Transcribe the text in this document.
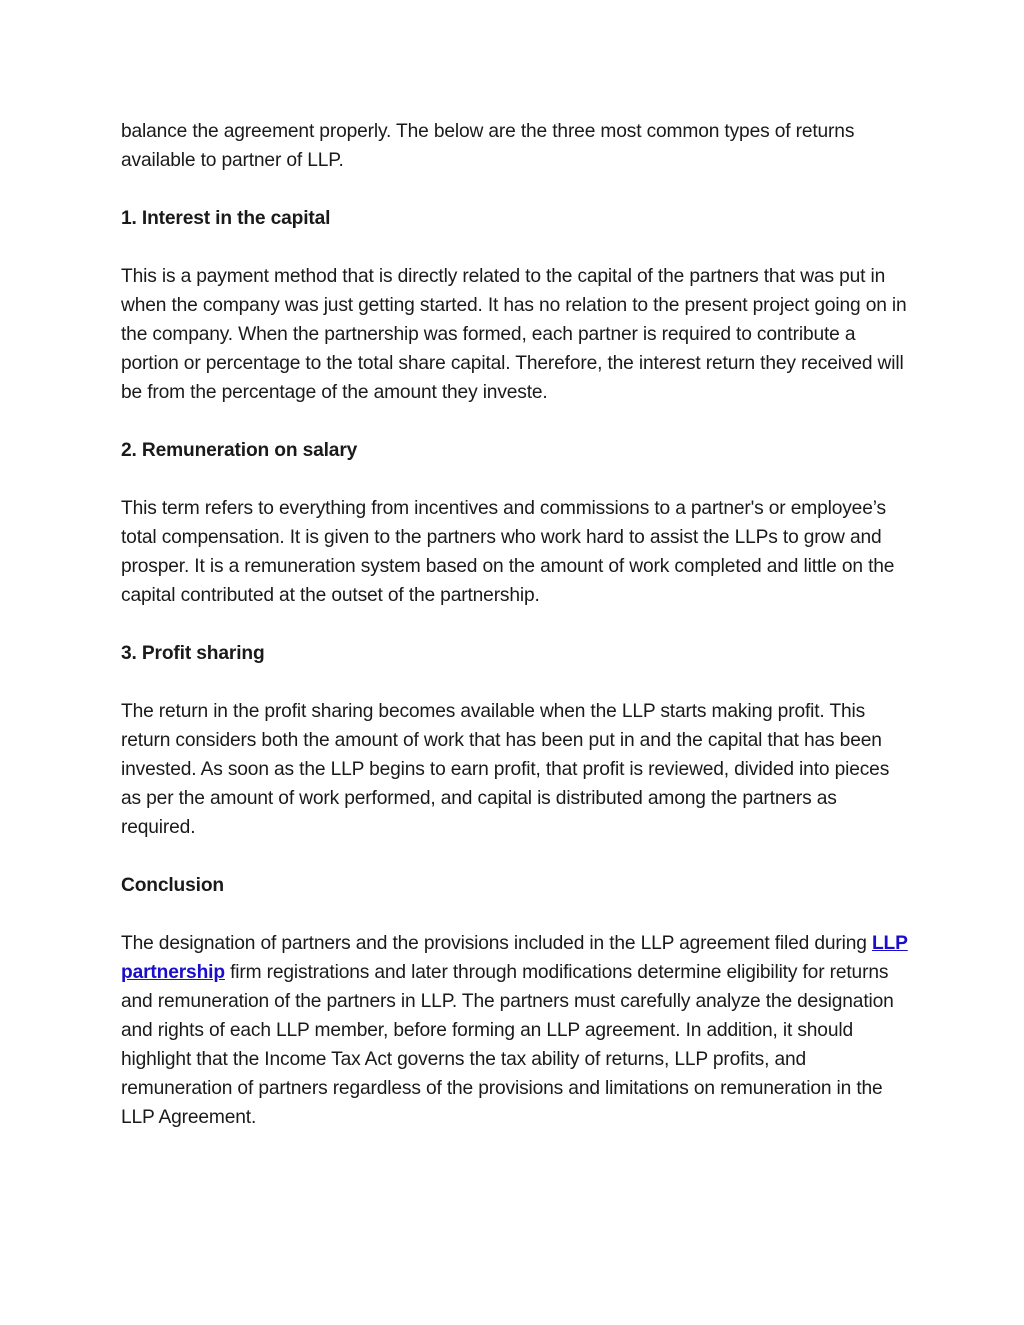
balance the agreement properly. The below are the three most common types of returns available to partner of LLP.

1. Interest in the capital

This is a payment method that is directly related to the capital of the partners that was put in when the company was just getting started. It has no relation to the present project going on in the company. When the partnership was formed, each partner is required to contribute a portion or percentage to the total share capital. Therefore, the interest return they received will be from the percentage of the amount they investe.

2. Remuneration on salary

This term refers to everything from incentives and commissions to a partner's or employee’s total compensation. It is given to the partners who work hard to assist the LLPs to grow and prosper. It is a remuneration system based on the amount of work completed and little on the capital contributed at the outset of the partnership.

3. Profit sharing

The return in the profit sharing becomes available when the LLP starts making profit. This return considers both the amount of work that has been put in and the capital that has been invested. As soon as the LLP begins to earn profit, that profit is reviewed, divided into pieces as per the amount of work performed, and capital is distributed among the partners as required.

Conclusion

The designation of partners and the provisions included in the LLP agreement filed during LLP partnership firm registrations and later through modifications determine eligibility for returns and remuneration of the partners in LLP. The partners must carefully analyze the designation and rights of each LLP member, before forming an LLP agreement. In addition, it should highlight that the Income Tax Act governs the tax ability of returns, LLP profits, and remuneration of partners regardless of the provisions and limitations on remuneration in the LLP Agreement.
